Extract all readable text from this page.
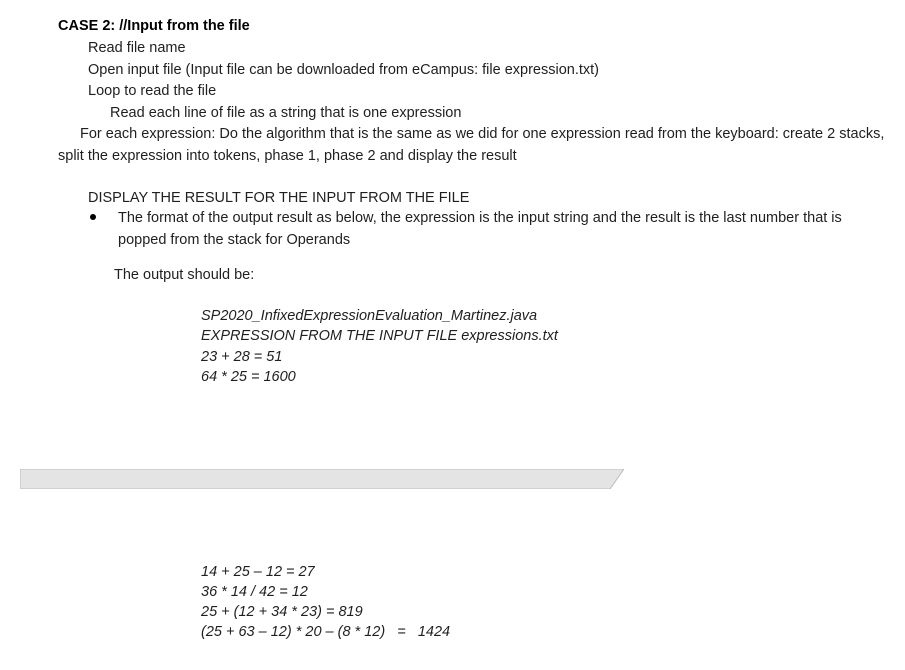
CASE 2: //Input from the file
Read file name
Open input file (Input file can be downloaded from eCampus: file expression.txt)
Loop to read the file
Read each line of file as a string that is one expression
For each expression: Do the algorithm that is the same as we did for one expression read from the keyboard: create 2 stacks, split the expression into tokens, phase 1, phase 2 and display the result
DISPLAY THE RESULT FOR THE INPUT FROM THE FILE
The format of the output result as below, the expression is the input string and the result is the last number that is popped from the stack for Operands
The output should be:
SP2020_InfixedExpressionEvaluation_Martinez.java
EXPRESSION FROM THE INPUT FILE expressions.txt
23 + 28 = 51
64 * 25 = 1600
14 + 25 – 12 = 27
36 * 14 / 42 = 12
25 + (12 + 34 * 23) = 819
(25 + 63 – 12) * 20 – (8 * 12)   =   1424
